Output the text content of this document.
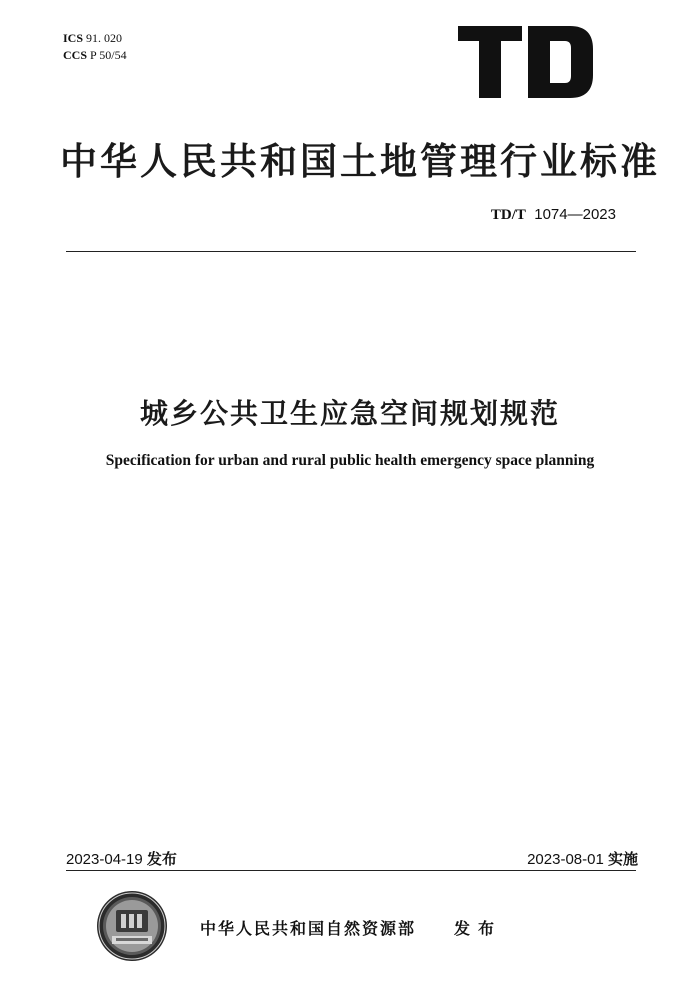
ICS 91. 020
CCS P 50/54
中华人民共和国土地管理行业标准
TD/T 1074—2023
城乡公共卫生应急空间规划规范
Specification for urban and rural public health emergency space planning
2023-04-19 发布	2023-08-01 实施
中华人民共和国自然资源部 发布
